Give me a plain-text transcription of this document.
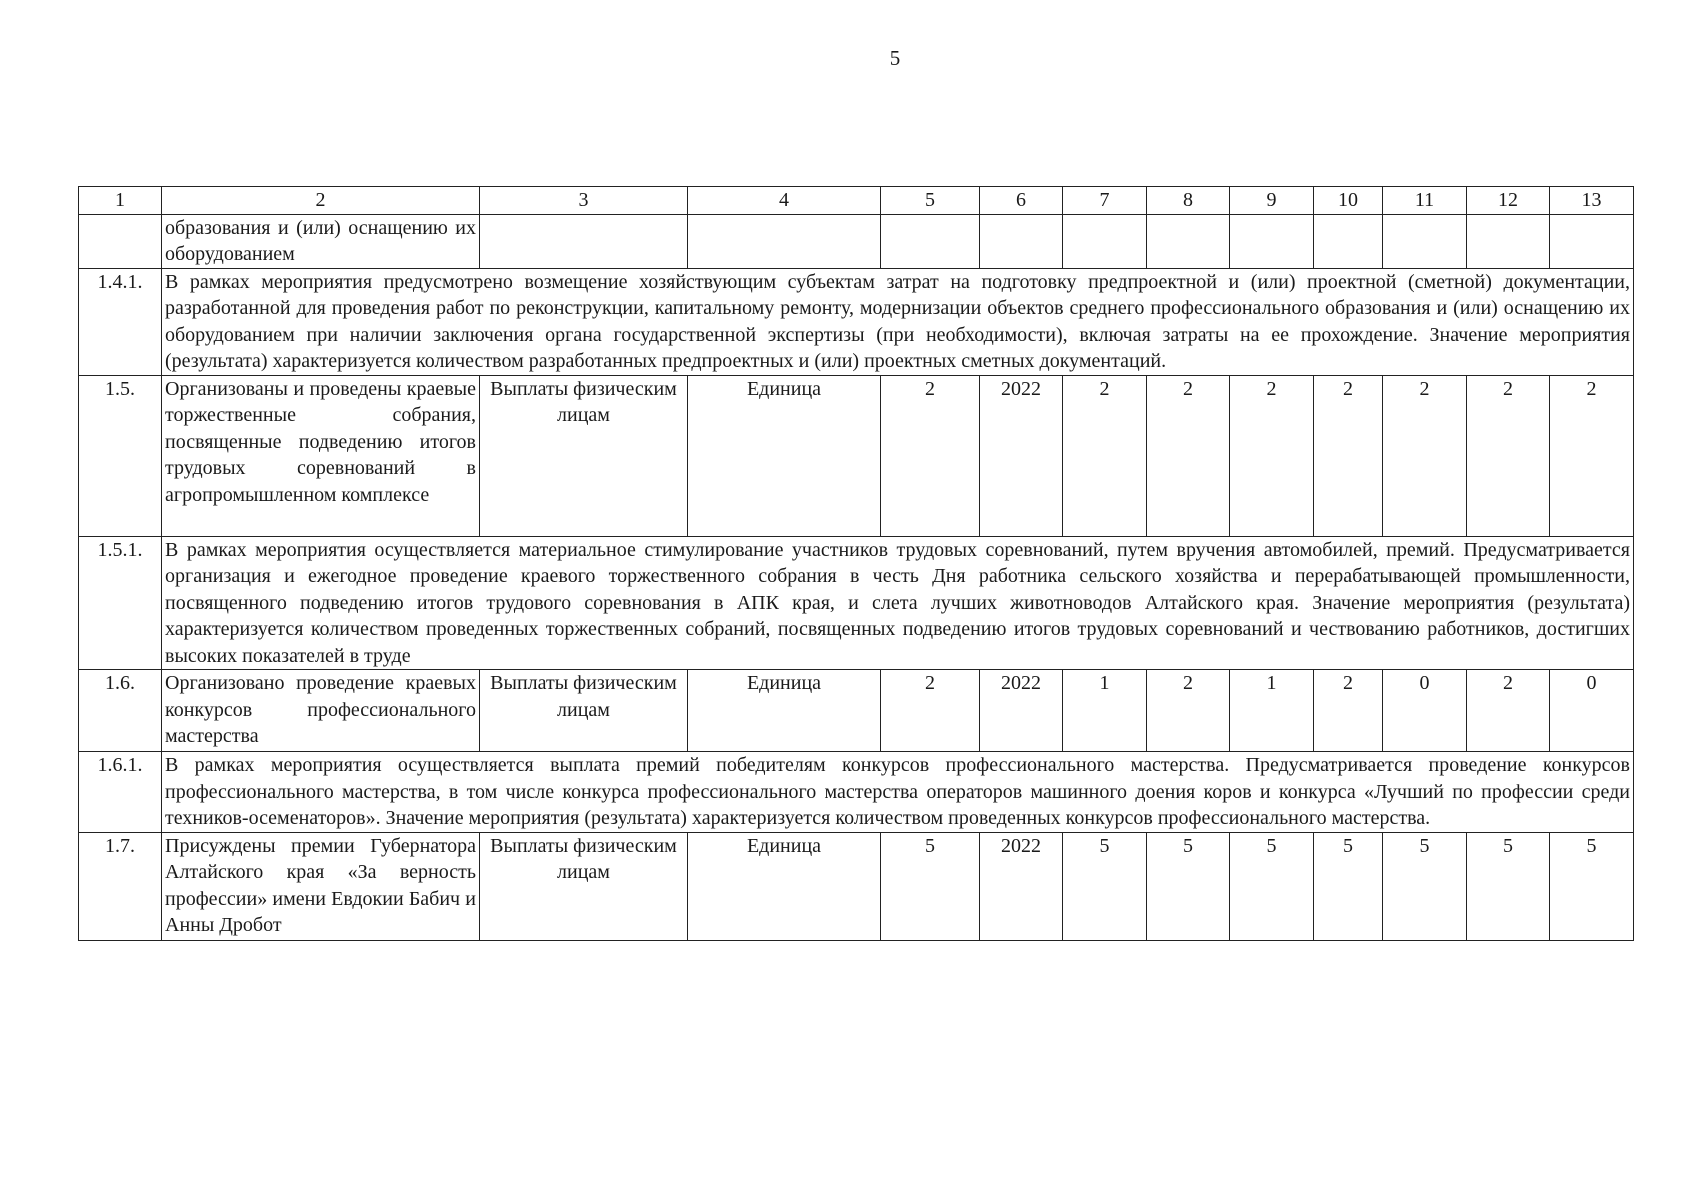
5
1	2	3	4	5	6	7	8	9	10	11	12	13
	образования и (или) оснащению их оборудованием											
1.4.1.	В рамках мероприятия предусмотрено возмещение хозяйствующим субъектам затрат на подготовку предпроектной и (или) проектной (сметной) документации, разработанной для проведения работ по реконструкции, капитальному ремонту, модернизации объектов среднего профессионального образования и (или) оснащению их оборудованием при наличии заключения органа государственной экспертизы (при необходимости), включая затраты на ее прохождение. Значение мероприятия (результата) характеризуется количеством разработанных предпроектных и (или) проектных сметных документаций.											
1.5.	Организованы и проведены краевые торжественные собрания, посвященные подведению итогов трудовых соревнований в агропромышленном комплексе	Выплаты физическим лицам	Единица	2	2022	2	2	2	2	2	2	2
1.5.1.	В рамках мероприятия осуществляется материальное стимулирование участников трудовых соревнований, путем вручения автомобилей, премий. Предусматривается организация и ежегодное проведение краевого торжественного собрания в честь Дня работника сельского хозяйства и перерабатывающей промышленности, посвященного подведению итогов трудового соревнования в АПК края, и слета лучших животноводов Алтайского края. Значение мероприятия (результата) характеризуется количеством проведенных торжественных собраний, посвященных подведению итогов трудовых соревнований и чествованию работников, достигших высоких показателей в труде											
1.6.	Организовано проведение краевых конкурсов профессионального мастерства	Выплаты физическим лицам	Единица	2	2022	1	2	1	2	0	2	0
1.6.1.	В рамках мероприятия осуществляется выплата премий победителям конкурсов профессионального мастерства. Предусматривается проведение конкурсов профессионального мастерства, в том числе конкурса профессионального мастерства операторов машинного доения коров и конкурса «Лучший по профессии среди техников-осеменаторов». Значение мероприятия (результата) характеризуется количеством проведенных конкурсов профессионального мастерства.											
1.7.	Присуждены премии Губернатора Алтайского края «За верность профессии» имени Евдокии Бабич и Анны Дробот	Выплаты физическим лицам	Единица	5	2022	5	5	5	5	5	5	5
